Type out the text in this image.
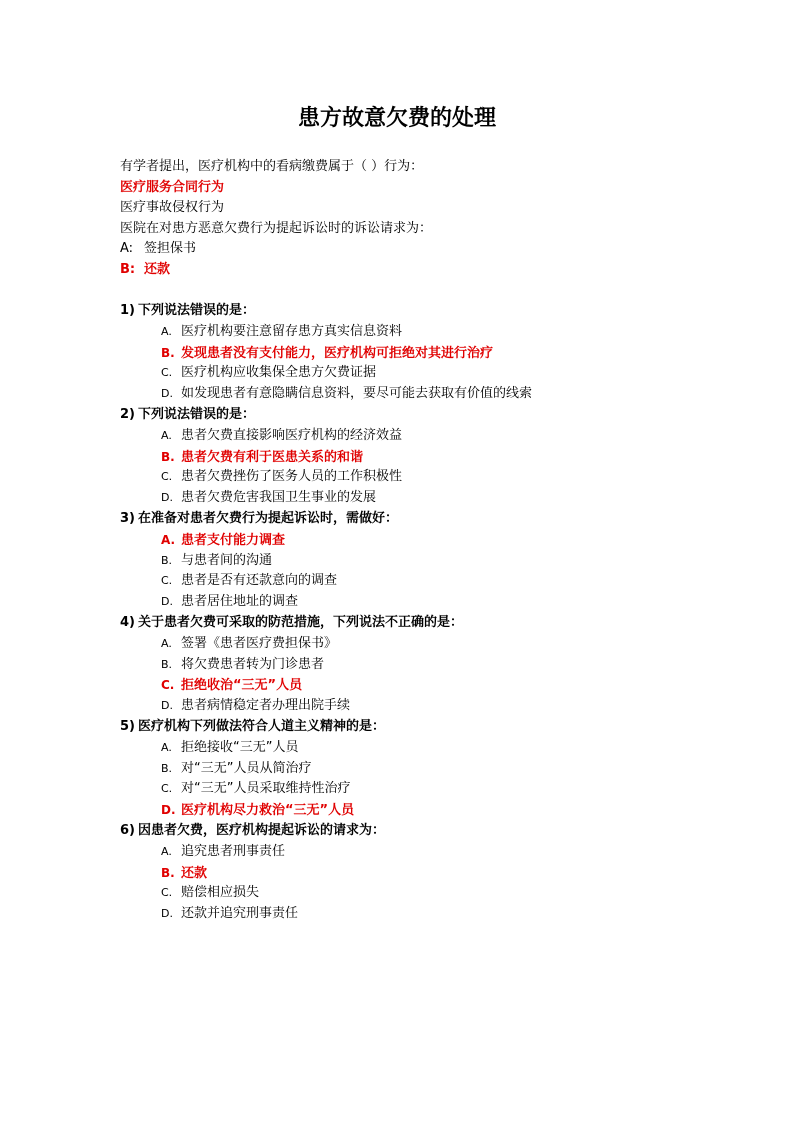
患方故意欠费的处理
有学者提出，医疗机构中的看病缴费属于（ ）行为：
医疗服务合同行为
医疗事故侵权行为
医院在对患方恶意欠费行为提起诉讼时的诉讼请求为：
A: 签担保书
B: 还款
1) 下列说法错误的是：
A. 医疗机构要注意留存患方真实信息资料
B. 发现患者没有支付能力，医疗机构可拒绝对其进行治疗
C. 医疗机构应收集保全患方欠费证据
D. 如发现患者有意隐瞒信息资料，要尽可能去获取有价值的线索
2) 下列说法错误的是：
A. 患者欠费直接影响医疗机构的经济效益
B. 患者欠费有利于医患关系的和谐
C. 患者欠费挫伤了医务人员的工作积极性
D. 患者欠费危害我国卫生事业的发展
3) 在准备对患者欠费行为提起诉讼时，需做好：
A. 患者支付能力调查
B. 与患者间的沟通
C. 患者是否有还款意向的调查
D. 患者居住地址的调查
4) 关于患者欠费可采取的防范措施，下列说法不正确的是：
A. 签署《患者医疗费担保书》
B. 将欠费患者转为门诊患者
C. 拒绝收治“三无”人员
D. 患者病情稳定者办理出院手续
5) 医疗机构下列做法符合人道主义精神的是：
A. 拒绝接收“三无”人员
B. 对“三无”人员从简治疗
C. 对“三无”人员采取维持性治疗
D. 医疗机构尽力救治“三无”人员
6) 因患者欠费，医疗机构提起诉讼的请求为：
A. 追究患者刑事责任
B. 还款
C. 赔偿相应损失
D. 还款并追究刑事责任
